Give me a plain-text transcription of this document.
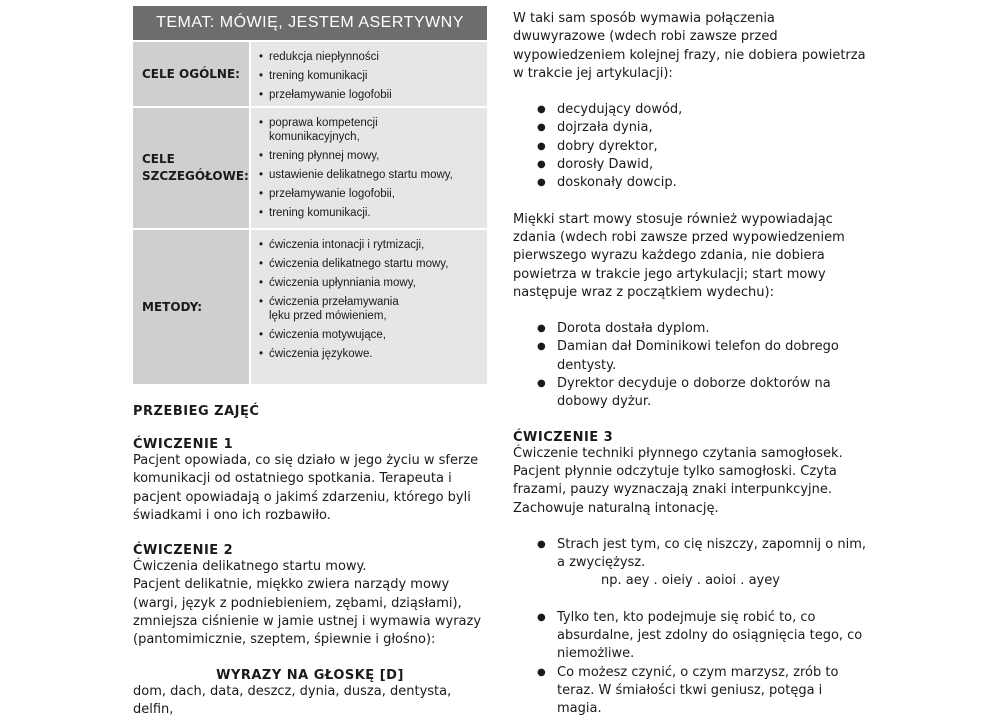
TEMAT: MÓWIĘ, JESTEM ASERTYWNY
CELE OGÓLNE:
• redukcja niepłynności
• trening komunikacji
• przełamywanie logofobii
CELE SZCZEGÓŁOWE:
• poprawa kompetencji komunikacyjnych,
• trening płynnej mowy,
• ustawienie delikatnego startu mowy,
• przełamywanie logofobii,
• trening komunikacji.
METODY:
• ćwiczenia intonacji i rytmizacji,
• ćwiczenia delikatnego startu mowy,
• ćwiczenia upłynniania mowy,
• ćwiczenia przełamywania lęku przed mówieniem,
• ćwiczenia motywujące,
• ćwiczenia językowe.

PRZEBIEG ZAJĘĆ

ĆWICZENIE 1

Pacjent opowiada, co się działo w jego życiu w sferze komunikacji od ostatniego spotkania. Terapeuta i pacjent opowiadają o jakimś zdarzeniu, którego byli świadkami i ono ich rozbawiło.

ĆWICZENIE 2

Ćwiczenia delikatnego startu mowy.

Pacjent delikatnie, miękko zwiera narządy mowy (wargi, język z podniebieniem, zębami, dziąsłami), zmniejsza ciśnienie w jamie ustnej i wymawia wyrazy (pantomimicznie, szeptem, śpiewnie i głośno):

WYRAZY NA GŁOSKĘ [D]

dom, dach, data, deszcz, dynia, dusza, dentysta, delfin,

W taki sam sposób wymawia połączenia dwuwyrazowe (wdech robi zawsze przed wypowiedzeniem kolejnej frazy, nie dobiera powietrza w trakcie jej artykulacji):

● decydujący dowód,
● dojrzała dynia,
● dobry dyrektor,
● dorosły Dawid,
● doskonały dowcip.

Miękki start mowy stosuje również wypowiadając zdania (wdech robi zawsze przed wypowiedzeniem pierwszego wyrazu każdego zdania, nie dobiera powietrza w trakcie jego artykulacji; start mowy następuje wraz z początkiem wydechu):

● Dorota dostała dyplom.
● Damian dał Dominikowi telefon do dobrego dentysty.
● Dyrektor decyduje o doborze doktorów na dobowy dyżur.

ĆWICZENIE 3

Ćwiczenie techniki płynnego czytania samogłosek. Pacjent płynnie odczytuje tylko samogłoski. Czyta frazami, pauzy wyznaczają znaki interpunkcyjne. Zachowuje naturalną intonację.

● Strach jest tym, co cię niszczy, zapomnij o nim, a zwyciężysz.
np. aey . oieiy . aoioi . ayey
● Tylko ten, kto podejmuje się robić to, co absurdalne, jest zdolny do osiągnięcia tego, co niemożliwe.
● Co możesz czynić, o czym marzysz, zrób to teraz. W śmiałości tkwi geniusz, potęga i magia.
